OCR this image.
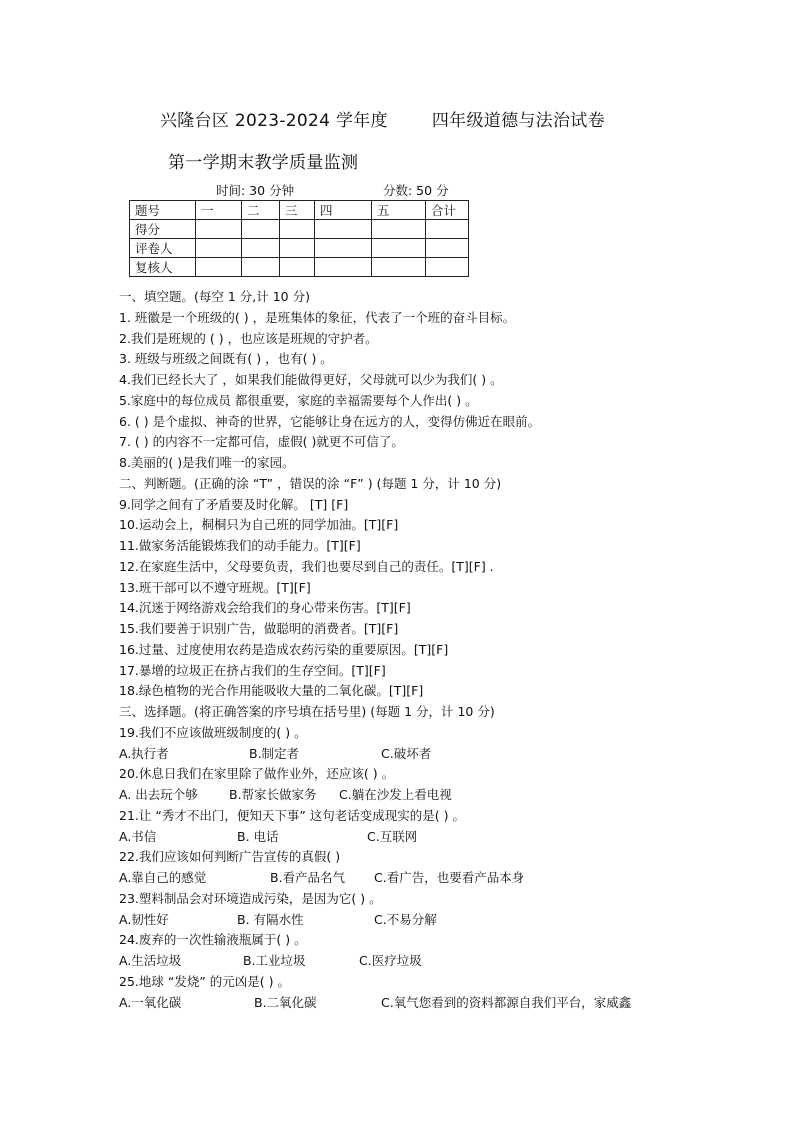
兴隆台区 2023-2024 学年度	四年级道德与法治试卷
第一学期末教学质量监测
时间: 30 分钟	分数: 50 分
题号	一	二	三	四	五	合计
得分						
评卷人						
复核人						
一、填空题。(每空 1 分,计 10 分)
1. 班徽是一个班级的( ) ，是班集体的象征，代表了一个班的奋斗目标。
2.我们是班规的 ( ) ，也应该是班规的守护者。
3. 班级与班级之间既有( ) ，也有( ) 。
4.我们已经长大了 ，如果我们能做得更好，父母就可以少为我们( ) 。
5.家庭中的每位成员 都很重要，家庭的幸福需要每个人作出( ) 。
6. ( ) 是个虚拟、神奇的世界，它能够让身在远方的人，变得仿佛近在眼前。
7. ( ) 的内容不一定都可信，虚假( )就更不可信了。
8.美丽的( )是我们唯一的家园。
二、判断题。(正确的涂 “T” ，错误的涂 “F” ) (每题 1 分，计 10 分)
9.同学之间有了矛盾要及时化解。 [T] [F]
10.运动会上，桐桐只为自己班的同学加油。[T][F]
11.做家务活能锻炼我们的动手能力。[T][F]
12.在家庭生活中，父母要负责，我们也要尽到自己的责任。[T][F] .
13.班干部可以不遵守班规。[T][F]
14.沉迷于网络游戏会给我们的身心带来伤害。[T][F]
15.我们要善于识别广告，做聪明的消费者。[T][F]
16.过量、过度使用农药是造成农药污染的重要原因。[T][F]
17.暴增的垃圾正在挤占我们的生存空间。[T][F]
18.绿色植物的光合作用能吸收大量的二氧化碳。[T][F]
三、选择题。(将正确答案的序号填在括号里) (每题 1 分，计 10 分)
19.我们不应该做班级制度的( ) 。
A.执行者	B.制定者	C.破坏者
20.休息日我们在家里除了做作业外，还应该( ) 。
A. 出去玩个够	B.帮家长做家务	C.躺在沙发上看电视
21.让 “秀才不出门，便知天下事” 这句老话变成现实的是( ) 。
A.书信	B. 电话	C.互联网
22.我们应该如何判断广告宣传的真假( )
A.靠自己的感觉	B.看产品名气	C.看广告，也要看产品本身
23.塑料制品会对环境造成污染，是因为它( ) 。
A.韧性好	B. 有隔水性	C.不易分解
24.废弃的一次性输液瓶属于( ) 。
A.生活垃圾	B.工业垃圾	C.医疗垃圾
25.地球 “发烧” 的元凶是( ) 。
A.一氧化碳	B.二氧化碳	C.氧气您看到的资料都源自我们平台，家威鑫
